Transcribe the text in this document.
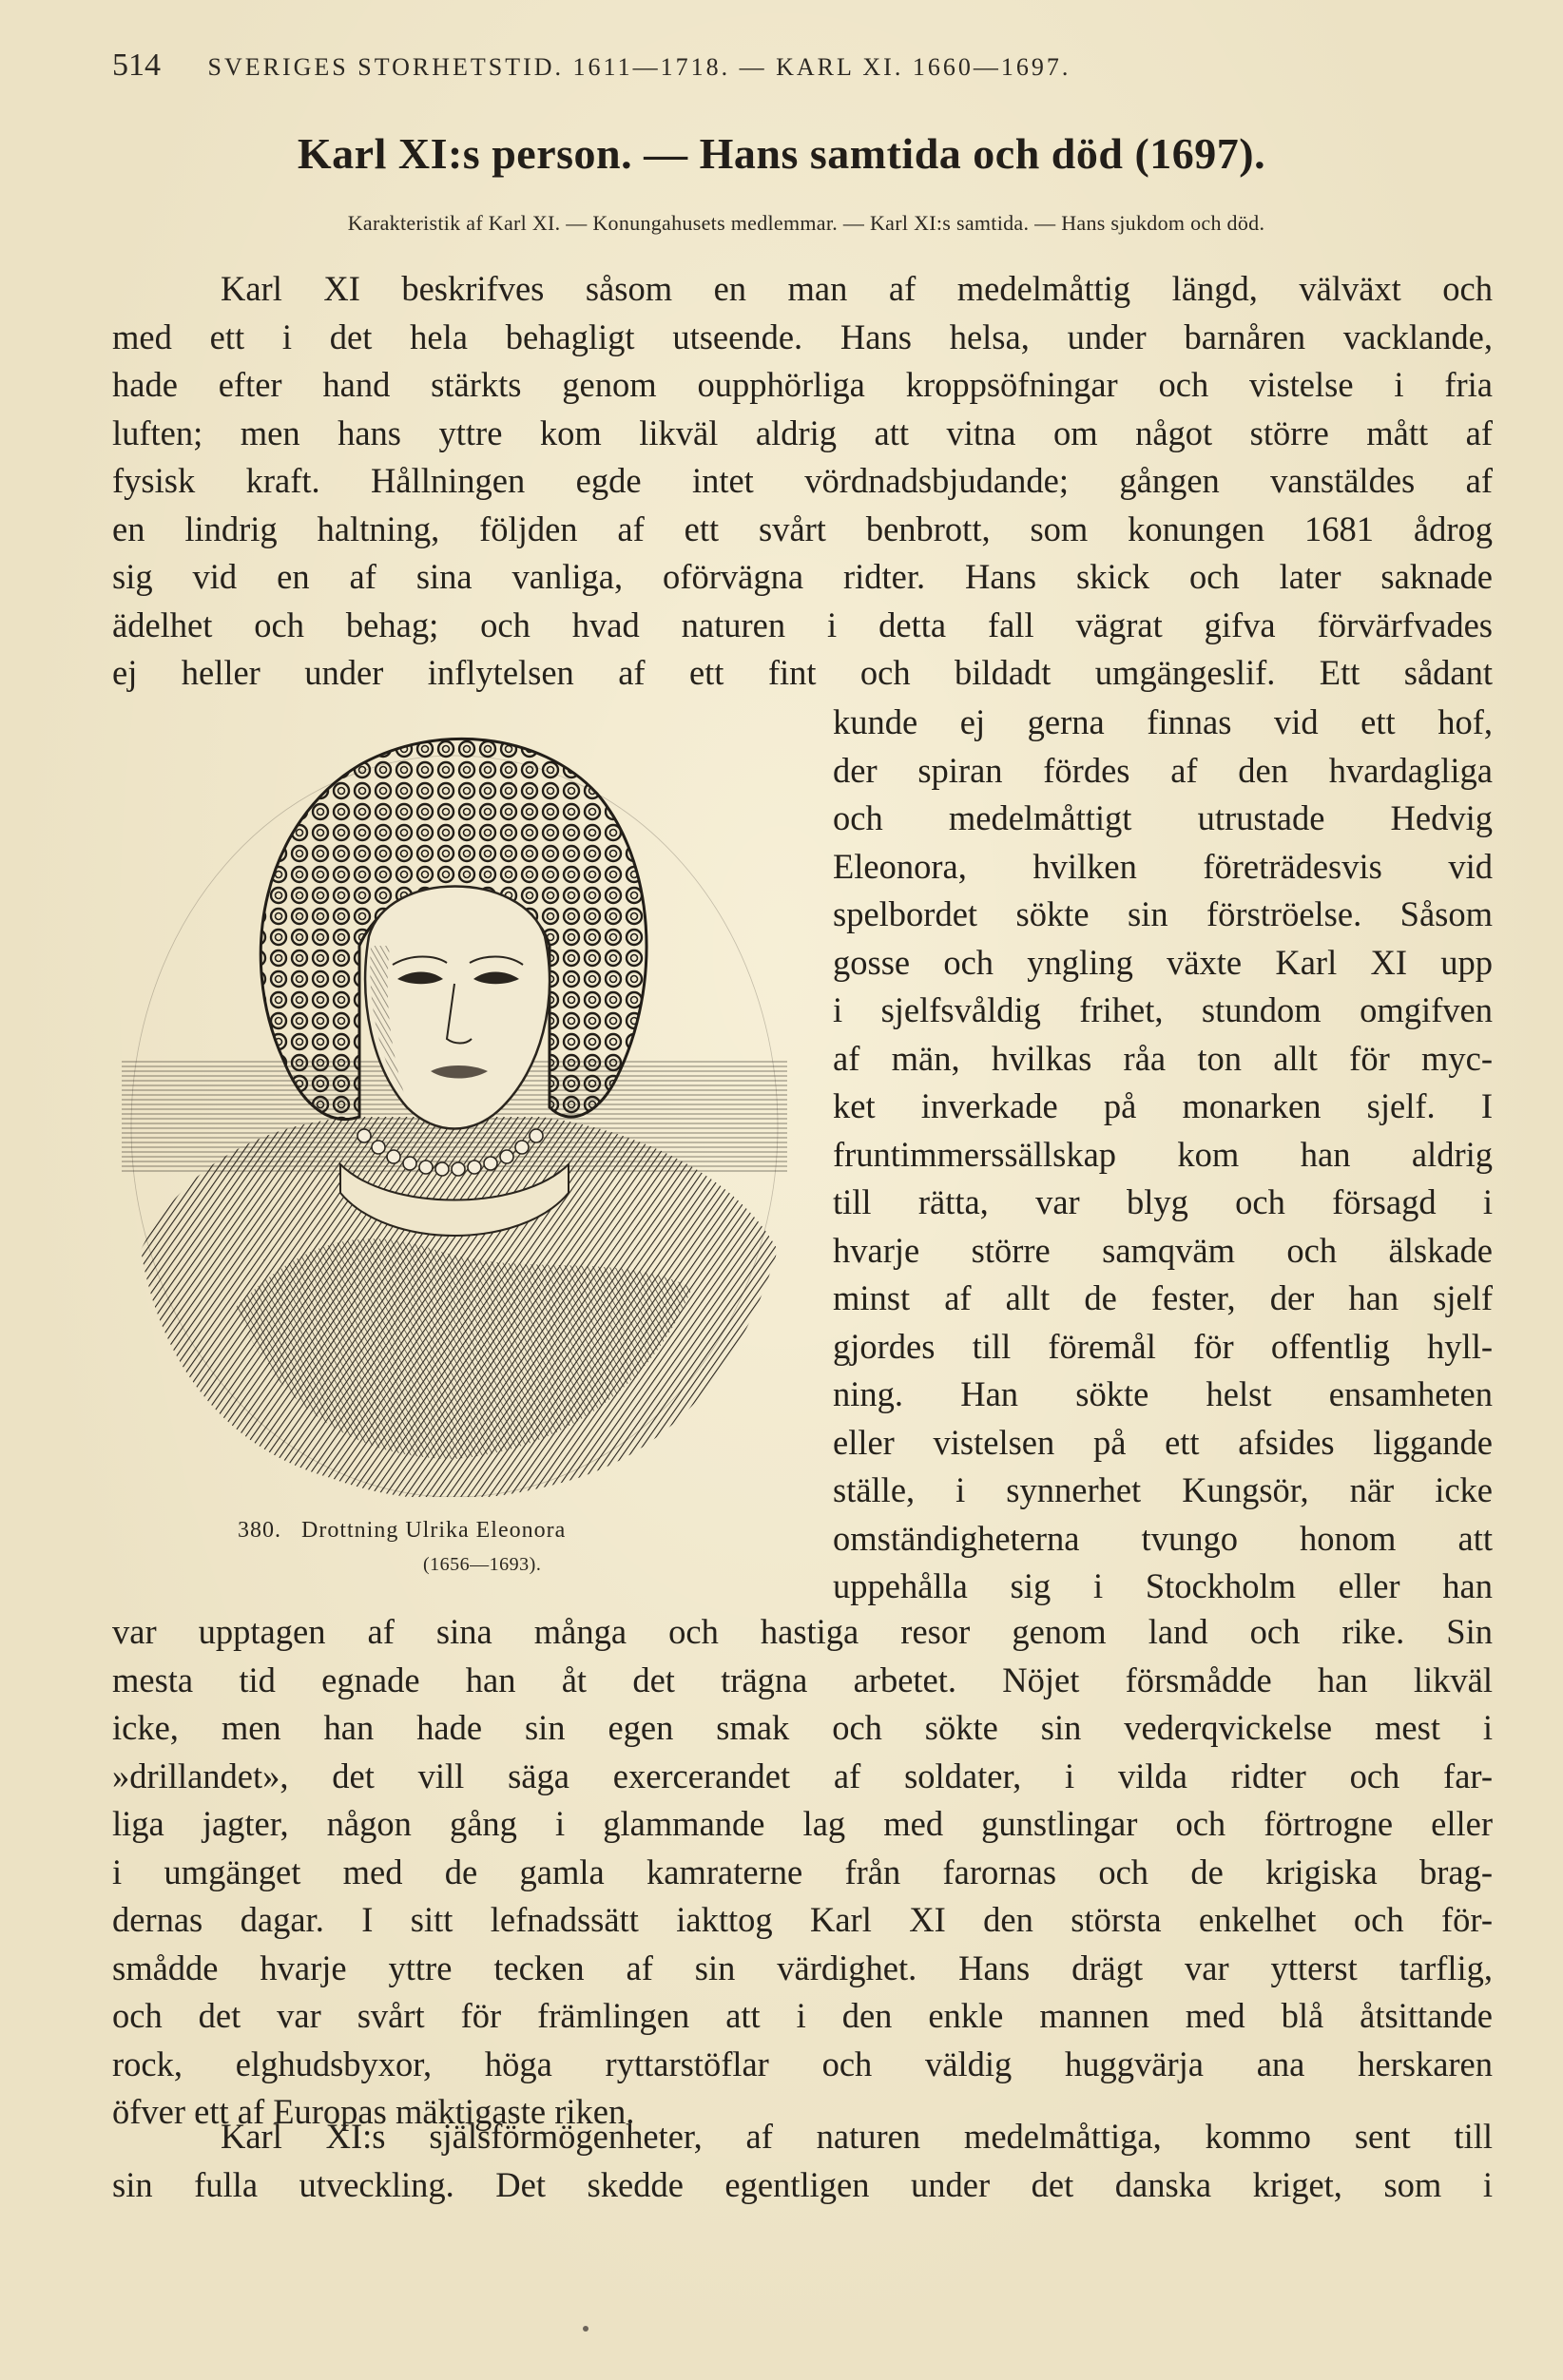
514 SVERIGES STORHETSTID. 1611—1718. — KARL XI. 1660—1697.
Karl XI:s person. — Hans samtida och död (1697).
Karakteristik af Karl XI. — Konungahusets medlemmar. — Karl XI:s samtida. — Hans sjukdom och död.
Karl XI beskrifves såsom en man af medelmåttig längd, välväxt och
med ett i det hela behagligt utseende. Hans helsa, under barnåren vacklande,
hade efter hand stärkts genom oupphörliga kroppsöfningar och vistelse i fria
luften; men hans yttre kom likväl aldrig att vitna om något större mått af
fysisk kraft. Hållningen egde intet vördnadsbjudande; gången vanstäldes af
en lindrig haltning, följden af ett svårt benbrott, som konungen 1681 ådrog
sig vid en af sina vanliga, oförvägna ridter. Hans skick och later saknade
ädelhet och behag; och hvad naturen i detta fall vägrat gifva förvärfvades
ej heller under inflytelsen af ett fint och bildadt umgängeslif. Ett sådant
kunde ej gerna finnas vid ett hof,
der spiran fördes af den hvardagliga
och medelmåttigt utrustade Hedvig
Eleonora, hvilken företrädesvis vid
spelbordet sökte sin förströelse. Såsom
gosse och yngling växte Karl XI upp
i sjelfsvåldig frihet, stundom omgifven
af män, hvilkas råa ton allt för myc-
ket inverkade på monarken sjelf. I
fruntimmerssällskap kom han aldrig
till rätta, var blyg och försagd i
hvarje större samqväm och älskade
minst af allt de fester, der han sjelf
gjordes till föremål för offentlig hyll-
ning. Han sökte helst ensamheten
eller vistelsen på ett afsides liggande
ställe, i synnerhet Kungsör, när icke
omständigheterna tvungo honom att
uppehålla sig i Stockholm eller han
var upptagen af sina många och hastiga resor genom land och rike. Sin
mesta tid egnade han åt det trägna arbetet. Nöjet försmådde han likväl
icke, men han hade sin egen smak och sökte sin vederqvickelse mest i
»drillandet», det vill säga exercerandet af soldater, i vilda ridter och far-
liga jagter, någon gång i glammande lag med gunstlingar och förtrogne eller
i umgänget med de gamla kamraterne från farornas och de krigiska brag-
dernas dagar. I sitt lefnadssätt iakttog Karl XI den största enkelhet och för-
smådde hvarje yttre tecken af sin värdighet. Hans drägt var ytterst tarflig,
och det var svårt för främlingen att i den enkle mannen med blå åtsittande
rock, elghudsbyxor, höga ryttarstöflar och väldig huggvärja ana herskaren
öfver ett af Europas mäktigaste riken.
Karl XI:s själsförmögenheter, af naturen medelmåttiga, kommo sent till
sin fulla utveckling. Det skedde egentligen under det danska kriget, som i
380. Drottning Ulrika Eleonora
(1656—1693).
